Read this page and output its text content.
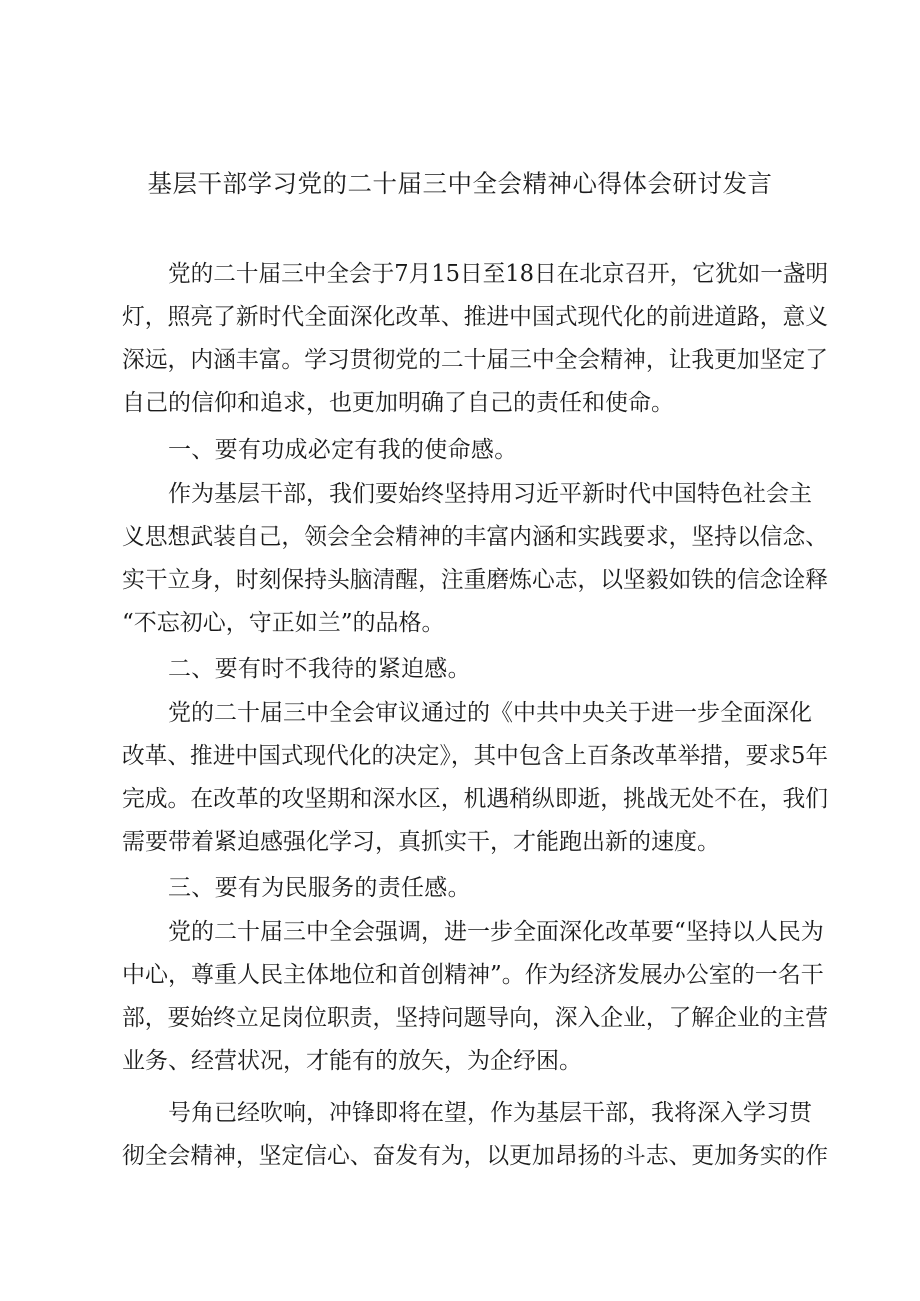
基层干部学习党的二十届三中全会精神心得体会研讨发言
党的二十届三中全会于7月15日至18日在北京召开，它犹如一盏明
灯，照亮了新时代全面深化改革、推进中国式现代化的前进道路，意义
深远，内涵丰富。学习贯彻党的二十届三中全会精神，让我更加坚定了
自己的信仰和追求，也更加明确了自己的责任和使命。
一、要有功成必定有我的使命感。
作为基层干部，我们要始终坚持用习近平新时代中国特色社会主
义思想武装自己，领会全会精神的丰富内涵和实践要求，坚持以信念、
实干立身，时刻保持头脑清醒，注重磨炼心志，以坚毅如铁的信念诠释
“不忘初心，守正如兰”的品格。
二、要有时不我待的紧迫感。
党的二十届三中全会审议通过的《中共中央关于进一步全面深化
改革、推进中国式现代化的决定》，其中包含上百条改革举措，要求5年
完成。在改革的攻坚期和深水区，机遇稍纵即逝，挑战无处不在，我们
需要带着紧迫感强化学习，真抓实干，才能跑出新的速度。
三、要有为民服务的责任感。
党的二十届三中全会强调，进一步全面深化改革要“坚持以人民为
中心，尊重人民主体地位和首创精神”。作为经济发展办公室的一名干
部，要始终立足岗位职责，坚持问题导向，深入企业，了解企业的主营
业务、经营状况，才能有的放矢，为企纾困。
号角已经吹响，冲锋即将在望，作为基层干部，我将深入学习贯
彻全会精神，坚定信心、奋发有为，以更加昂扬的斗志、更加务实的作
